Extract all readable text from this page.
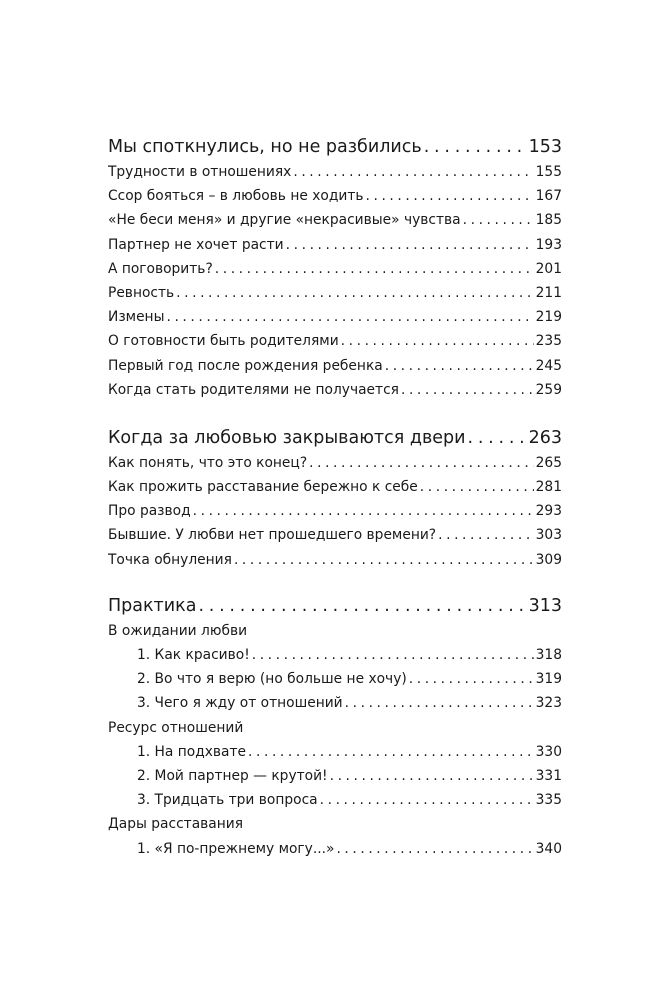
Мы споткнулись, но не разбились . . .	153
Трудности в отношениях . . .	155
Ссор бояться – в любовь не ходить . . .	167
«Не беси меня» и другие «некрасивые» чувства . . .	185
Партнер не хочет расти . . .	193
А поговорить? . . .	201
Ревность . . .	211
Измены . . .	219
О готовности быть родителями . . .	235
Первый год после рождения ребенка . . .	245
Когда стать родителями не получается . . .	259
Когда за любовью закрываются двери . . .	263
Как понять, что это конец? . . .	265
Как прожить расставание бережно к себе . . .	281
Про развод . . .	293
Бывшие. У любви нет прошедшего времени? . . .	303
Точка обнуления . . .	309
Практика . . .	313
В ожидании любви
1. Как красиво! . . .	318
2. Во что я верю (но больше не хочу) . . .	319
3. Чего я жду от отношений . . .	323
Ресурс отношений
1. На подхвате . . .	330
2. Мой партнер — крутой! . . .	331
3. Тридцать три вопроса . . .	335
Дары расставания
1. «Я по-прежнему могу...» . . .	340
